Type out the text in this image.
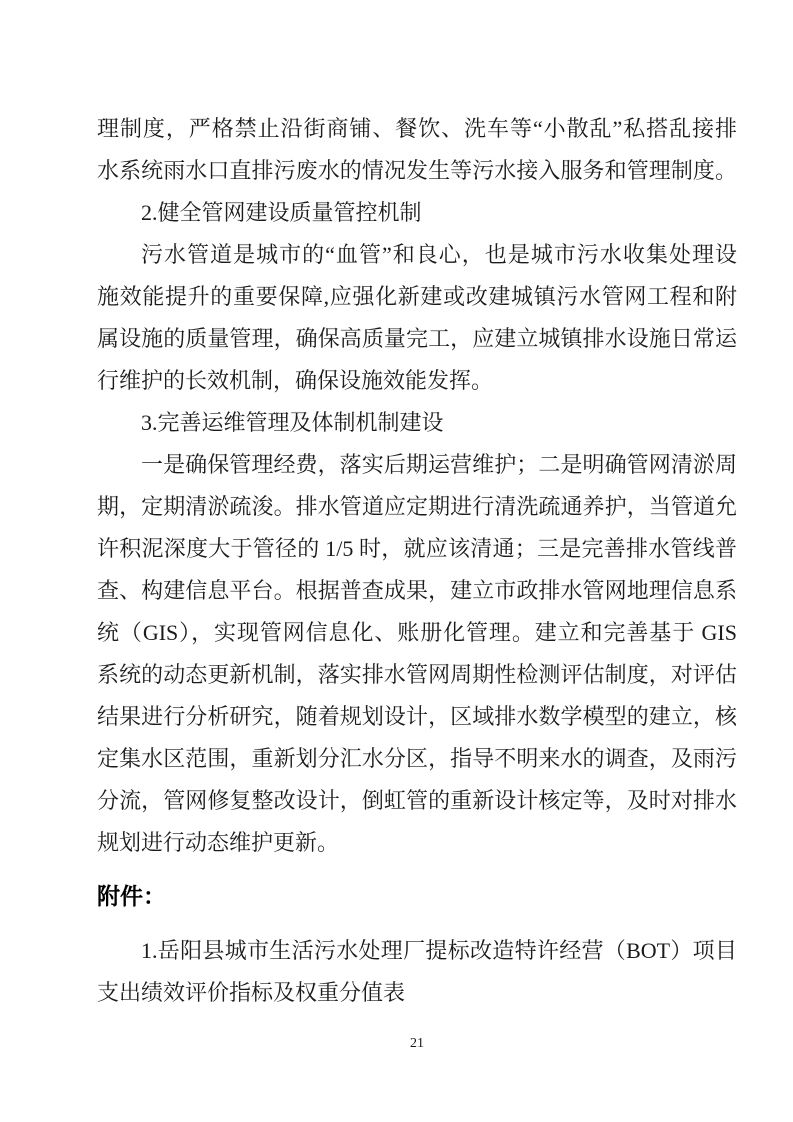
理制度，严格禁止沿街商铺、餐饮、洗车等“小散乱”私搭乱接排
水系统雨水口直排污废水的情况发生等污水接入服务和管理制度。
2.健全管网建设质量管控机制
污水管道是城市的“血管”和良心，也是城市污水收集处理设
施效能提升的重要保障,应强化新建或改建城镇污水管网工程和附
属设施的质量管理，确保高质量完工，应建立城镇排水设施日常运
行维护的长效机制，确保设施效能发挥。
3.完善运维管理及体制机制建设
一是确保管理经费，落实后期运营维护；二是明确管网清淤周
期，定期清淤疏浚。排水管道应定期进行清洗疏通养护，当管道允
许积泥深度大于管径的 1/5 时，就应该清通；三是完善排水管线普
查、构建信息平台。根据普查成果，建立市政排水管网地理信息系
统（GIS），实现管网信息化、账册化管理。建立和完善基于 GIS
系统的动态更新机制，落实排水管网周期性检测评估制度，对评估
结果进行分析研究，随着规划设计，区域排水数学模型的建立，核
定集水区范围，重新划分汇水分区，指导不明来水的调查，及雨污
分流，管网修复整改设计，倒虹管的重新设计核定等，及时对排水
规划进行动态维护更新。
附件：
1.岳阳县城市生活污水处理厂提标改造特许经营（BOT）项目
支出绩效评价指标及权重分值表
21
